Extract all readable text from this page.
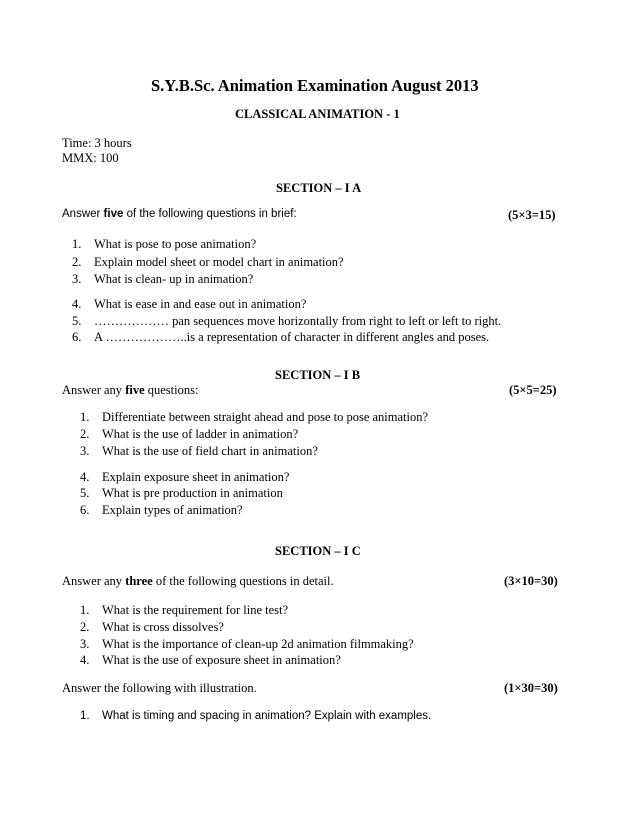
S.Y.B.Sc. Animation Examination August 2013
CLASSICAL ANIMATION - 1
Time: 3 hours
MMX: 100
SECTION – I A
Answer five of the following questions in brief:	(5×3=15)
1. What is pose to pose animation?
2. Explain model sheet or model chart in animation?
3. What is clean- up in animation?
4. What is ease in and ease out in animation?
5. ……………… pan sequences move horizontally from right to left or left to right.
6. A ………………..is a representation of character in different angles and poses.
SECTION – I B
Answer any five questions:	(5×5=25)
1. Differentiate between straight ahead and pose to pose animation?
2. What is the use of ladder in animation?
3. What is the use of field chart in animation?
4. Explain exposure sheet in animation?
5. What is pre production in animation
6. Explain types of animation?
SECTION – I C
Answer any three of the following questions in detail.	(3×10=30)
1. What is the requirement for line test?
2. What is cross dissolves?
3. What is the importance of clean-up 2d animation filmmaking?
4. What is the use of exposure sheet in animation?
Answer the following with illustration.	(1×30=30)
1. What is timing and spacing in animation? Explain with examples.
